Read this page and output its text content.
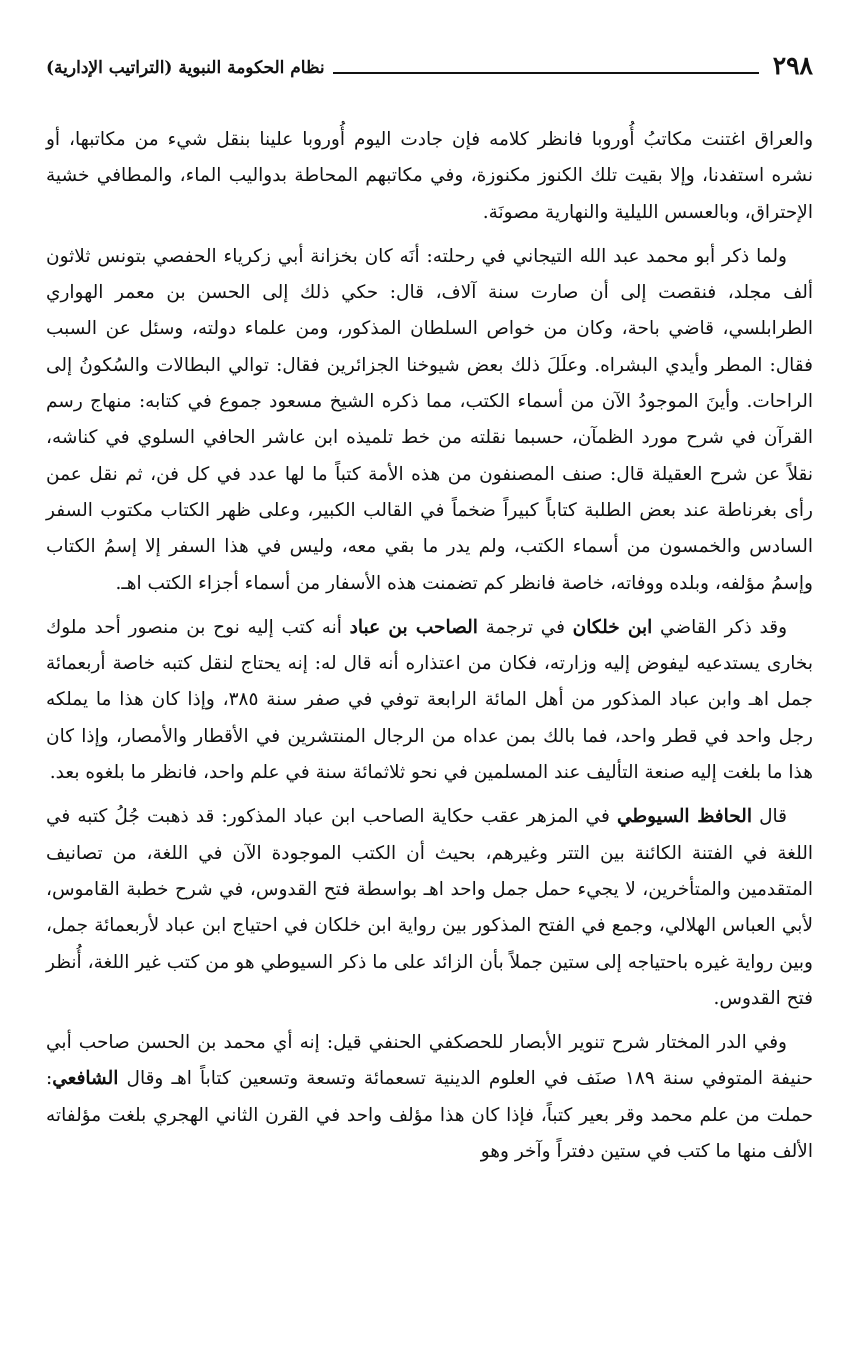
٢٩٨
نظام الحكومة النبوية (التراتيب الإدارية)

والعراق اغتنت مكاتبُ أُوروبا فانظر كلامه فإن جادت اليوم أُوروبا علينا بنقل شيء من مكاتبها، أو نشره استفدنا، وإلا بقيت تلك الكنوز مكنوزة، وفي مكاتبهم المحاطة بدواليب الماء، والمطافي خشية الإحتراق، وبالعسس الليلية والنهارية مصونَة.

ولما ذكر أبو محمد عبد الله التيجاني في رحلته: أنَه كان بخزانة أبي زكرياء الحفصي بتونس ثلاثون ألف مجلد، فنقصت إلى أن صارت سنة آلاف، قال: حكي ذلك إلى الحسن بن معمر الهواري الطرابلسي، قاضي باحة، وكان من خواص السلطان المذكور، ومن علماء دولته، وسئل عن السبب فقال: المطر وأيدي البشراه. وعلَلَ ذلك بعض شيوخنا الجزائرين فقال: توالي البطالات والسُكونُ إلى الراحات. وأينَ الموجودُ الآن من أسماء الكتب، مما ذكره الشيخ مسعود جموع في كتابه: منهاج رسم القرآن في شرح مورد الظمآن، حسبما نقلته من خط تلميذه ابن عاشر الحافي السلوي في كناشه، نقلاً عن شرح العقيلة قال: صنف المصنفون من هذه الأمة كتباً ما لها عدد في كل فن، ثم نقل عمن رأى بغرناطة عند بعض الطلبة كتاباً كبيراً ضخماً في القالب الكبير، وعلى ظهر الكتاب مكتوب السفر السادس والخمسون من أسماء الكتب، ولم يدر ما بقي معه، وليس في هذا السفر إلا إسمُ الكتاب وإسمُ مؤلفه، وبلده ووفاته، خاصة فانظر كم تضمنت هذه الأسفار من أسماء أجزاء الكتب اهـ.

وقد ذكر القاضي ابن خلكان في ترجمة الصاحب بن عباد أنه كتب إليه نوح بن منصور أحد ملوك بخارى يستدعيه ليفوض إليه وزارته، فكان من اعتذاره أنه قال له: إنه يحتاج لنقل كتبه خاصة أربعمائة جمل اهـ وابن عباد المذكور من أهل المائة الرابعة توفي في صفر سنة ٣٨٥، وإذا كان هذا ما يملكه رجل واحد في قطر واحد، فما بالك بمن عداه من الرجال المنتشرين في الأقطار والأمصار، وإذا كان هذا ما بلغت إليه صنعة التأليف عند المسلمين في نحو ثلاثمائة سنة في علم واحد، فانظر ما بلغوه بعد.

قال الحافظ السيوطي في المزهر عقب حكاية الصاحب ابن عباد المذكور: قد ذهبت جُلُ كتبه في اللغة في الفتنة الكائنة بين التتر وغيرهم، بحيث أن الكتب الموجودة الآن في اللغة، من تصانيف المتقدمين والمتأخرين، لا يجيء حمل جمل واحد اهـ بواسطة فتح القدوس، في شرح خطبة القاموس، لأبي العباس الهلالي، وجمع في الفتح المذكور بين رواية ابن خلكان في احتياج ابن عباد لأربعمائة جمل، وبين رواية غيره باحتياجه إلى ستين جملاً بأن الزائد على ما ذكر السيوطي هو من كتب غير اللغة، أُنظر فتح القدوس.

وفي الدر المختار شرح تنوير الأبصار للحصكفي الحنفي قيل: إنه أي محمد بن الحسن صاحب أبي حنيفة المتوفي سنة ١٨٩ صنَف في العلوم الدينية تسعمائة وتسعة وتسعين كتاباً اهـ وقال الشافعي: حملت من علم محمد وقر بعير كتباً، فإذا كان هذا مؤلف واحد في القرن الثاني الهجري بلغت مؤلفاته الألف منها ما كتب في ستين دفتراً وآخر وهو
